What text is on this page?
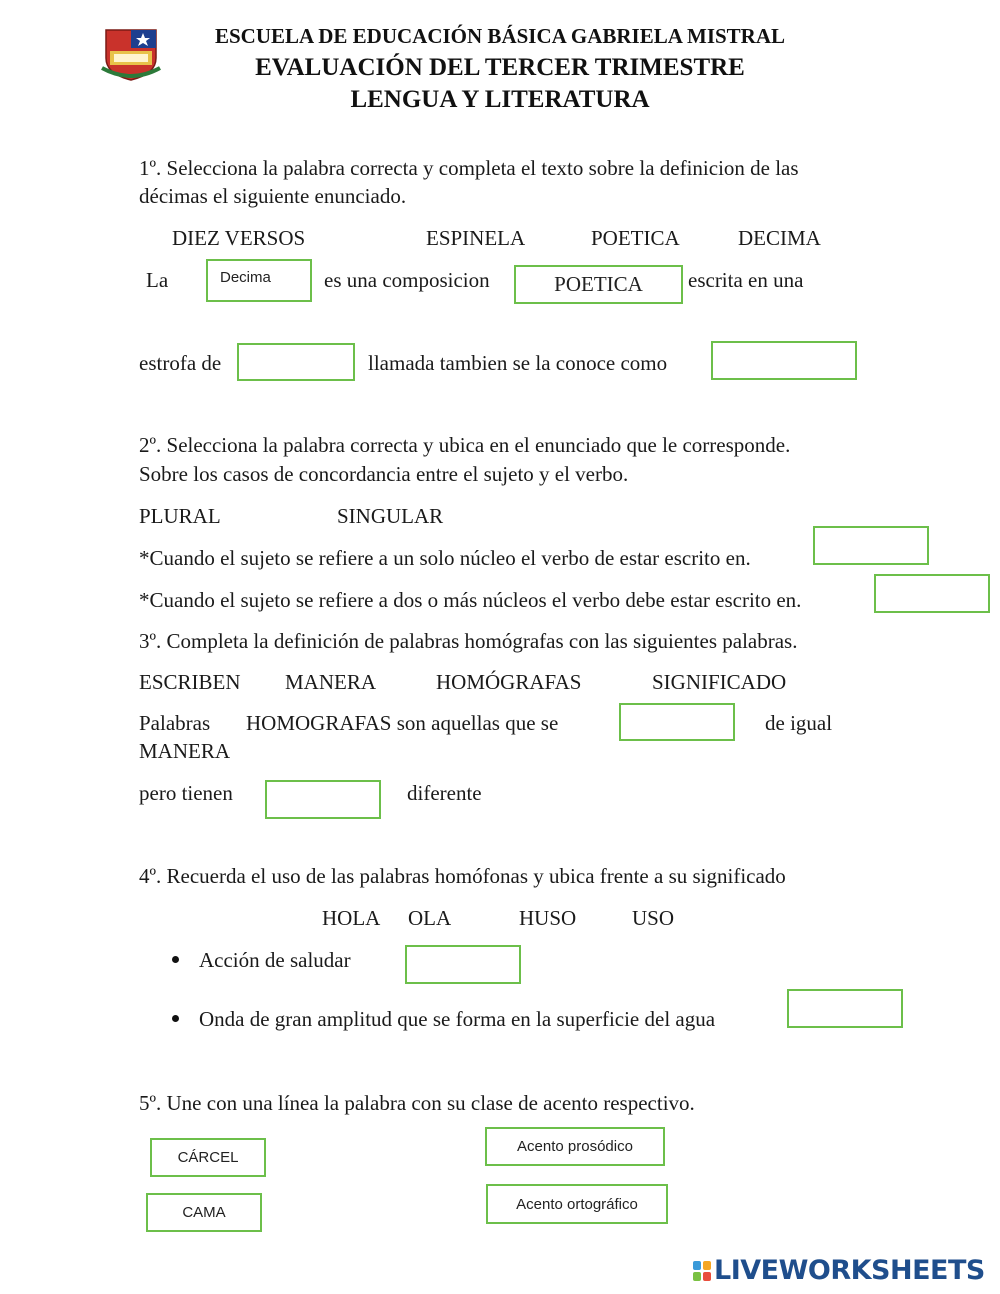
ESCUELA DE EDUCACIÓN BÁSICA GABRIELA MISTRAL
EVALUACIÓN DEL TERCER TRIMESTRE
LENGUA Y LITERATURA
1º. Selecciona la palabra correcta y completa el texto sobre la definicion de las
décimas el siguiente enunciado.
DIEZ VERSOS	ESPINELA	POETICA	DECIMA
La	Decima	es una composicion	POETICA escrita en una
estrofa de	llamada tambien se la conoce como
2º. Selecciona la palabra correcta y ubica en el enunciado que le corresponde.
Sobre los casos de concordancia entre el sujeto y el verbo.
PLURAL	SINGULAR
*Cuando el sujeto se refiere a un solo núcleo el verbo de estar escrito en.
*Cuando el sujeto se refiere a dos o más núcleos el verbo debe estar escrito en.
3º. Completa la definición de palabras homógrafas con las siguientes palabras.
ESCRIBEN MANERA	HOMÓGRAFAS	SIGNIFICADO
Palabras HOMOGRAFAS son aquellas que se	de igual
MANERA
pero tienen	diferente
4º. Recuerda el uso de las palabras homófonas y ubica frente a su significado
HOLA OLA	HUSO	USO
Acción de saludar
Onda de gran amplitud que se forma en la superficie del agua
5º. Une con una línea la palabra con su clase de acento respectivo.
CÁRCEL
CAMA
Acento prosódico
Acento ortográfico
LIVEWORKSHEETS
